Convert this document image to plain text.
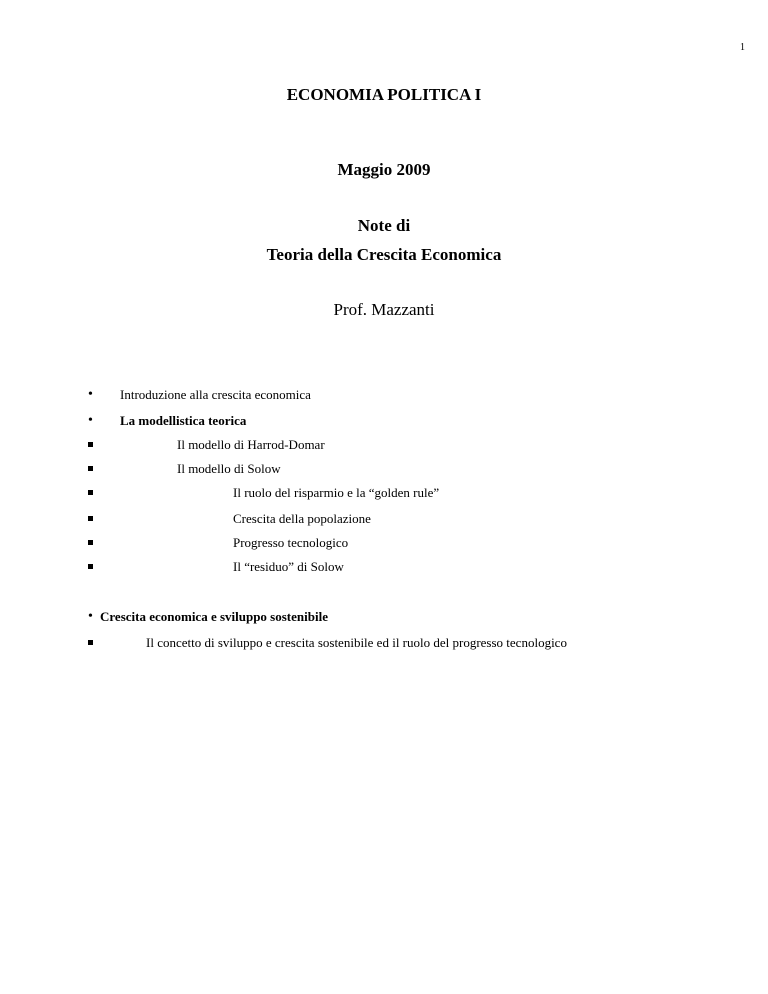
1
ECONOMIA POLITICA I
Maggio 2009
Note di
Teoria della Crescita Economica
Prof. Mazzanti
• Introduzione alla crescita economica
• La modellistica teorica
Il modello di Harrod-Domar
Il modello di Solow
Il ruolo del risparmio e la “golden rule”
Crescita della popolazione
Progresso tecnologico
Il “residuo” di Solow
• Crescita economica e sviluppo sostenibile
Il concetto di sviluppo e crescita sostenibile ed il ruolo del progresso tecnologico
